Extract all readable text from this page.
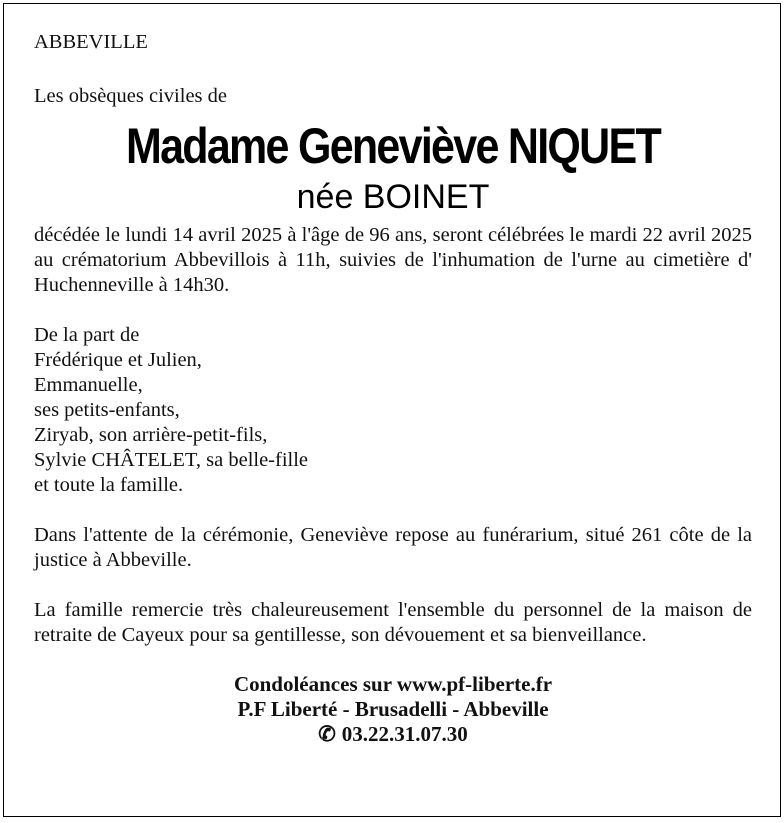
ABBEVILLE

Les obsèques civiles de

Madame Geneviève NIQUET

née BOINET

décédée le lundi 14 avril 2025 à l'âge de 96 ans, seront célébrées le mardi 22 avril 2025 au crématorium Abbevillois à 11h, suivies de l'inhumation de l'urne au cimetière d' Huchenneville à 14h30.

De la part de
Frédérique et Julien,
Emmanuelle,
ses petits-enfants,
Ziryab, son arrière-petit-fils,
Sylvie CHÂTELET, sa belle-fille
et toute la famille.

Dans l'attente de la cérémonie, Geneviève repose au funérarium, situé 261 côte de la justice à Abbeville.

La famille remercie très chaleureusement l'ensemble du personnel de la maison de retraite de Cayeux pour sa gentillesse, son dévouement et sa bienveillance.

Condoléances sur www.pf-liberte.fr
P.F Liberté - Brusadelli - Abbeville
✆ 03.22.31.07.30
